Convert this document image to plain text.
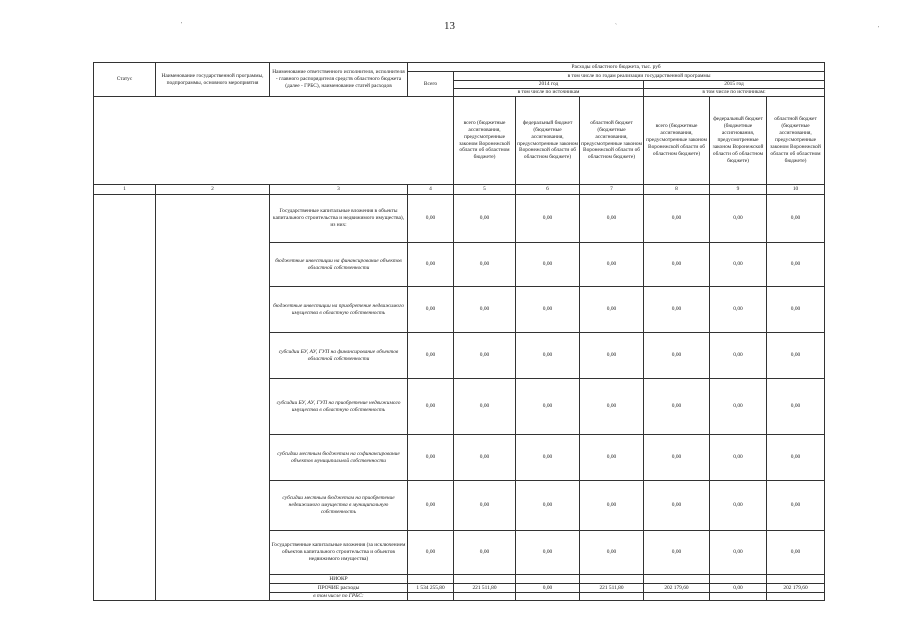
13
'	`	'
Статус	Наименование государственной программы, подпрограммы, основного мероприятия	Наименование ответственного исполнителя, исполнителя - главного распорядителя средств областного бюджета (далее - ГРБС), наименование статей расходов	Расходы областного бюджета, тыс. руб						
			Всего	в том числе по годам реализации государственной программы					
				2014 год			2015 год		
				в том числе по источникам			в том числе по источникам:		
				всего (бюджетные ассигнования, предусмотренные законом Воронежской области об областном бюджете)	федеральный бюджет (бюджетные ассигнования, предусмотренные законом Воронежской области об областном бюджете)	областной бюджет (бюджетные ассигнования, предусмотренные законом Воронежской области об областном бюджете)	всего (бюджетные ассигнования, предусмотренные законом Воронежской области об областном бюджете)	федеральный бюджет (бюджетные ассигнования, предусмотренные законом Воронежской области об областном бюджете)	областной бюджет (бюджетные ассигнования, предусмотренные законом Воронежской области об областном бюджете)
1	2	3	4	5	6	7	8	9	10
		Государственные капитальные вложения в объекты капитального строительства и недвижимого имущества), из них:	0,00	0,00	0,00	0,00	0,00	0,00	0,00
		бюджетные инвестиции на финансирование объектов областной собственности	0,00	0,00	0,00	0,00	0,00	0,00	0,00
		бюджетные инвестиции на приобретение недвижимого имущества в областную собственность	0,00	0,00	0,00	0,00	0,00	0,00	0,00
		субсидии БУ, АУ, ГУП на финансирование объектов областной собственности	0,00	0,00	0,00	0,00	0,00	0,00	0,00
		субсидии БУ, АУ, ГУП на приобретение недвижимого имущества в областную собственность	0,00	0,00	0,00	0,00	0,00	0,00	0,00
		субсидии местным бюджетам на софинансирование объектов муниципальной собственности	0,00	0,00	0,00	0,00	0,00	0,00	0,00
		субсидии местным бюджетам на приобретение недвижимого имущества в муниципальную собственность	0,00	0,00	0,00	0,00	0,00	0,00	0,00
		Государственные капитальные вложения (за исключением объектов капитального строительства и объектов недвижимого имущества)	0,00	0,00	0,00	0,00	0,00	0,00	0,00
		НИОКР							
		ПРОЧИЕ расходы	1 534 255,80	221 511,80	0,00	221 511,80	202 179,60	0,00	202 179,60
		в том числе по ГРБС:							
